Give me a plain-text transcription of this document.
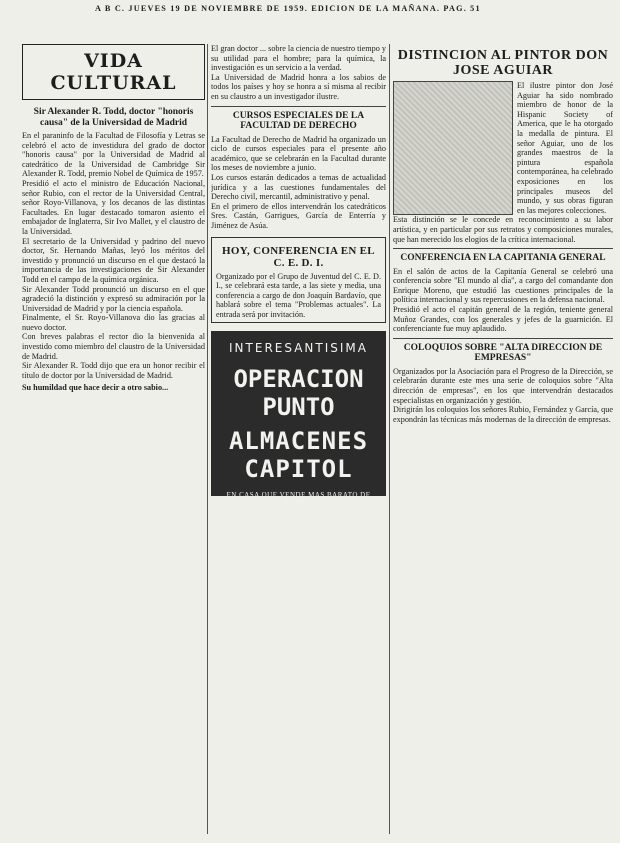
A B C. JUEVES 19 DE NOVIEMBRE DE 1959. EDICION DE LA MAÑANA. PAG. 51
VIDA CULTURAL
Sir Alexander R. Todd, doctor "honoris causa" de la Universidad de Madrid

En el paraninfo de la Facultad de Filosofía y Letras se celebró el acto de investidura del grado de doctor "honoris causa" por la Universidad de Madrid al catedrático de la Universidad de Cambridge Sir Alexander R. Todd, premio Nobel de Química de 1957.

Presidió el acto el ministro de Educación Nacional, señor Rubio, con el rector de la Universidad Central, señor Royo-Villanova, y los decanos de las distintas Facultades. En lugar destacado tomaron asiento el embajador de Inglaterra, Sir Ivo Mallet, y el claustro de la Universidad.

El secretario de la Universidad y padrino del nuevo doctor, Sr. Hernando Mañas, leyó los méritos del investido y pronunció un discurso en el que destacó la importancia de las investigaciones de Sir Alexander Todd en el campo de la química orgánica.

Sir Alexander Todd pronunció un discurso en el que agradeció la distinción y expresó su admiración por la Universidad de Madrid y por la ciencia española.

Finalmente, el Sr. Royo-Villanova dio las gracias al nuevo doctor.

Con breves palabras el rector dio la bienvenida al investido como miembro del claustro de la Universidad de Madrid.

Sir Alexander R. Todd dijo que era un honor recibir el título de doctor por la Universidad de Madrid.

Su humildad que hace decir a otro sabio...

El gran doctor ... sobre la ciencia de nuestro tiempo y su utilidad para el hombre; para la química, la investigación es un servicio a la verdad.

La Universidad de Madrid honra a los sabios de todos los países y hoy se honra a sí misma al recibir en su claustro a un investigador ilustre.

CURSOS ESPECIALES DE LA FACULTAD DE DERECHO

La Facultad de Derecho de Madrid ha organizado un ciclo de cursos especiales para el presente año académico, que se celebrarán en la Facultad durante los meses de noviembre a junio.

Los cursos estarán dedicados a temas de actualidad jurídica y a las cuestiones fundamentales del Derecho civil, mercantil, administrativo y penal.

En el primero de ellos intervendrán los catedráticos Sres. Castán, Garrigues, García de Enterría y Jiménez de Asúa.

HOY, CONFERENCIA EN EL C. E. D. I.

Organizado por el Grupo de Juventud del C. E. D. I., se celebrará esta tarde, a las siete y media, una conferencia a cargo de don Joaquín Bardavío, que hablará sobre el tema "Problemas actuales". La entrada será por invitación.

INTERESANTISIMA
OPERACION PUNTO
ALMACENES CAPITOL
EN CASA QUE VENDE MAS BARATO DE MADRID
DISTINCION AL PINTOR DON JOSE AGUIAR

El ilustre pintor don José Aguiar ha sido nombrado miembro de honor de la Hispanic Society of America, que le ha otorgado la medalla de pintura. El señor Aguiar, uno de los grandes maestros de la pintura española contemporánea, ha celebrado exposiciones en los principales museos del mundo, y sus obras figuran en las mejores colecciones.

Esta distinción se le concede en reconocimiento a su labor artística, y en particular por sus retratos y composiciones murales, que han merecido los elogios de la crítica internacional.

CONFERENCIA EN LA CAPITANIA GENERAL

En el salón de actos de la Capitanía General se celebró una conferencia sobre "El mundo al día", a cargo del comandante don Enrique Moreno, que estudió las cuestiones principales de la política internacional y sus repercusiones en la defensa nacional.

Presidió el acto el capitán general de la región, teniente general Muñoz Grandes, con los generales y jefes de la guarnición. El conferenciante fue muy aplaudido.

COLOQUIOS SOBRE "ALTA DIRECCION DE EMPRESAS"

Organizados por la Asociación para el Progreso de la Dirección, se celebrarán durante este mes una serie de coloquios sobre "Alta dirección de empresas", en los que intervendrán destacados especialistas en organización y gestión.

Dirigirán los coloquios los señores Rubio, Fernández y García, que expondrán las técnicas más modernas de la dirección de empresas.
